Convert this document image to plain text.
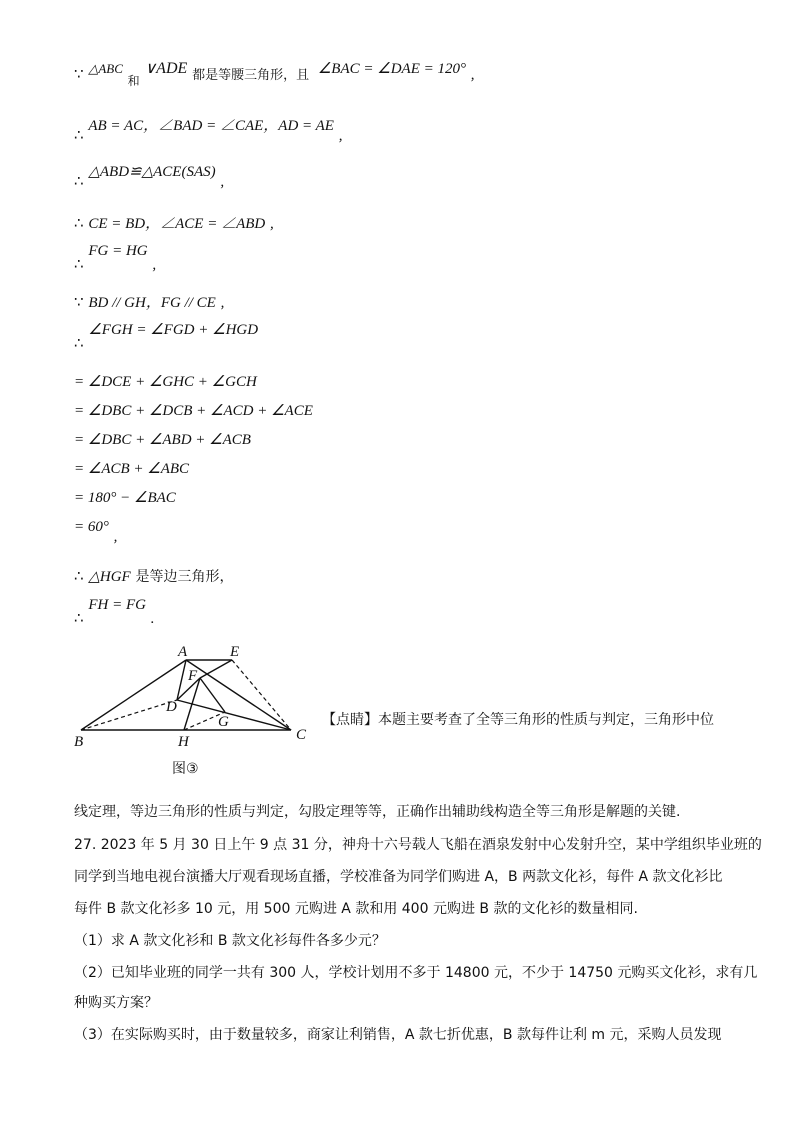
∵ △ABC $_和$ ∨ADE 都是等腰三角形，且 ∠BAC = ∠DAE = 120° ,
∴ AB = AC，∠BAD = ∠CAE，AD = AE ,
∴ △ABD≌△ACE(SAS) ,
∴ CE = BD，∠ACE = ∠ABD ,
∴ FG = HG ,
∵ BD // GH，FG // CE ,
∴ ∠FGH = ∠FGD + ∠HGD
= ∠DCE + ∠GHC + ∠GCH
= ∠DBC + ∠DCB + ∠ACD + ∠ACE
= ∠DBC + ∠ABD + ∠ACB
= ∠ACB + ∠ABC
= 180° − ∠BAC
= 60° ,
∴ △HGF 是等边三角形，
∴ FH = FG .
A	E
F
D
G
B	H	C
图③
【点睛】本题主要考查了全等三角形的性质与判定，三角形中位
线定理，等边三角形的性质与判定，勾股定理等等，正确作出辅助线构造全等三角形是解题的关键.
27. 2023 年 5 月 30 日上午 9 点 31 分，神舟十六号载人飞船在酒泉发射中心发射升空，某中学组织毕业班的
同学到当地电视台演播大厅观看现场直播，学校准备为同学们购进 A，B 两款文化衫，每件 A 款文化衫比
每件 B 款文化衫多 10 元，用 500 元购进 A 款和用 400 元购进 B 款的文化衫的数量相同.
（1）求 A 款文化衫和 B 款文化衫每件各多少元？
（2）已知毕业班的同学一共有 300 人，学校计划用不多于 14800 元，不少于 14750 元购买文化衫，求有几
种购买方案？
（3）在实际购买时，由于数量较多，商家让利销售，A 款七折优惠，B 款每件让利 m 元，采购人员发现
